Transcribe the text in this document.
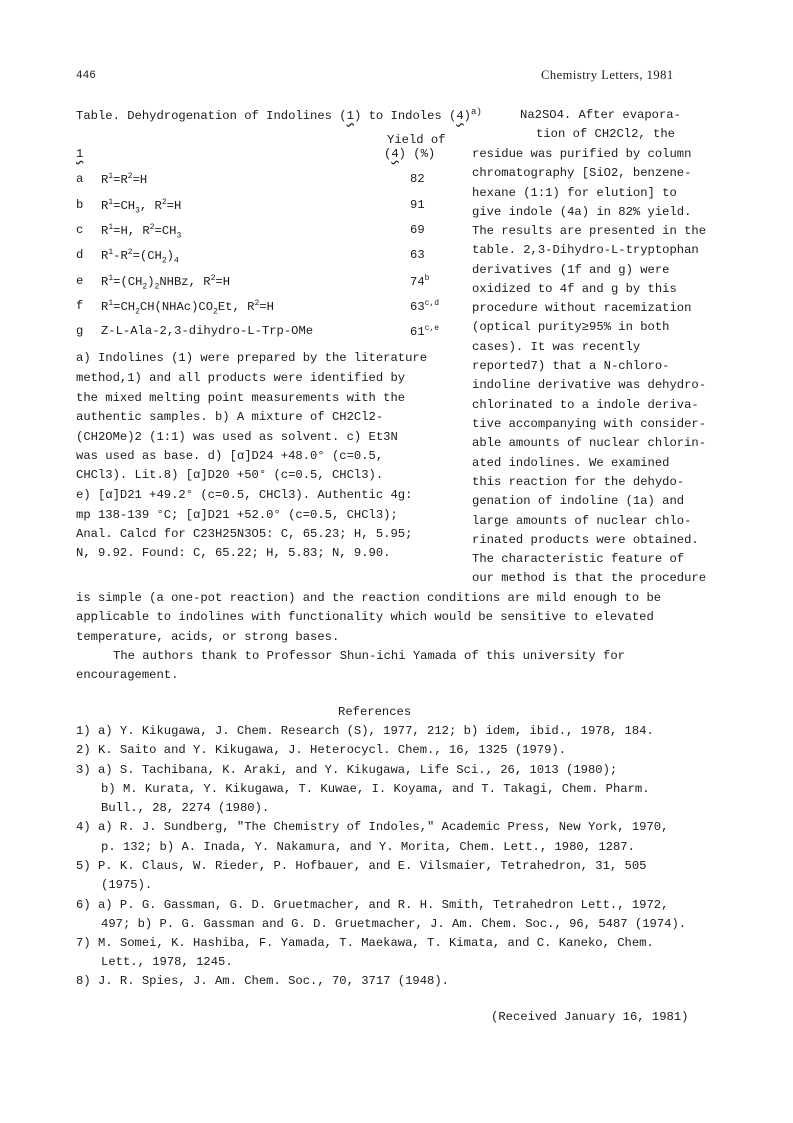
446	Chemistry Letters, 1981
Table. Dehydrogenation of Indolines (1) to Indoles $(4)^{a)}$
Yield of
1	(4) (%)
a $R^1=R^2=H$	82
b $R^1=CH_3$, $R^2=H$	91
c $R^1=H$, $R^2=CH_3$	69
d $R^1-R^2=(CH_2)_4$	63
e $R^1=(CH_2)_2NHBz$, $R^2=H$	74$^b$
f $R^1=CH_2CH(NHAc)CO_2Et$, $R^2=H$	63$^{c,d}$
g Z-L-Ala-2,3-dihydro-L-Trp-OMe	61$^{c,e}$
a) Indolines (1) were prepared by the literature
method,1) and all products were identified by
the mixed melting point measurements with the
authentic samples. b) A mixture of CH2Cl2-
(CH2OMe)2 (1:1) was used as solvent. c) Et3N
was used as base. d) [α]D24 +48.0° (c=0.5,
CHCl3). Lit.8) [α]D20 +50° (c=0.5, CHCl3).
e) [α]D21 +49.2° (c=0.5, CHCl3). Authentic 4g:
mp 138-139 °C; [α]D21 +52.0° (c=0.5, CHCl3);
Anal. Calcd for C23H25N3O5: C, 65.23; H, 5.95;
N, 9.92. Found: C, 65.22; H, 5.83; N, 9.90.
Na2SO4. After evapora-
tion of CH2Cl2, the
residue was purified by column
chromatography [SiO2, benzene-
hexane (1:1) for elution] to
give indole (4a) in 82% yield.
The results are presented in the
table. 2,3-Dihydro-L-tryptophan
derivatives (1f and g) were
oxidized to 4f and g by this
procedure without racemization
(optical purity≥95% in both
cases). It was recently
reported7) that a N-chloro-
indoline derivative was dehydro-
chlorinated to a indole deriva-
tive accompanying with consider-
able amounts of nuclear chlorin-
ated indolines. We examined
this reaction for the dehydo-
genation of indoline (1a) and
large amounts of nuclear chlo-
rinated products were obtained.
The characteristic feature of
our method is that the procedure
is simple (a one-pot reaction) and the reaction conditions are mild enough to be
applicable to indolines with functionality which would be sensitive to elevated
temperature, acids, or strong bases.
The authors thank to Professor Shun-ichi Yamada of this university for
encouragement.
References
1) a) Y. Kikugawa, J. Chem. Research (S), 1977, 212; b) idem, ibid., 1978, 184.
2) K. Saito and Y. Kikugawa, J. Heterocycl. Chem., 16, 1325 (1979).
3) a) S. Tachibana, K. Araki, and Y. Kikugawa, Life Sci., 26, 1013 (1980);
b) M. Kurata, Y. Kikugawa, T. Kuwae, I. Koyama, and T. Takagi, Chem. Pharm.
Bull., 28, 2274 (1980).
4) a) R. J. Sundberg, "The Chemistry of Indoles," Academic Press, New York, 1970,
p. 132; b) A. Inada, Y. Nakamura, and Y. Morita, Chem. Lett., 1980, 1287.
5) P. K. Claus, W. Rieder, P. Hofbauer, and E. Vilsmaier, Tetrahedron, 31, 505
(1975).
6) a) P. G. Gassman, G. D. Gruetmacher, and R. H. Smith, Tetrahedron Lett., 1972,
497; b) P. G. Gassman and G. D. Gruetmacher, J. Am. Chem. Soc., 96, 5487 (1974).
7) M. Somei, K. Hashiba, F. Yamada, T. Maekawa, T. Kimata, and C. Kaneko, Chem.
Lett., 1978, 1245.
8) J. R. Spies, J. Am. Chem. Soc., 70, 3717 (1948).
(Received January 16, 1981)
